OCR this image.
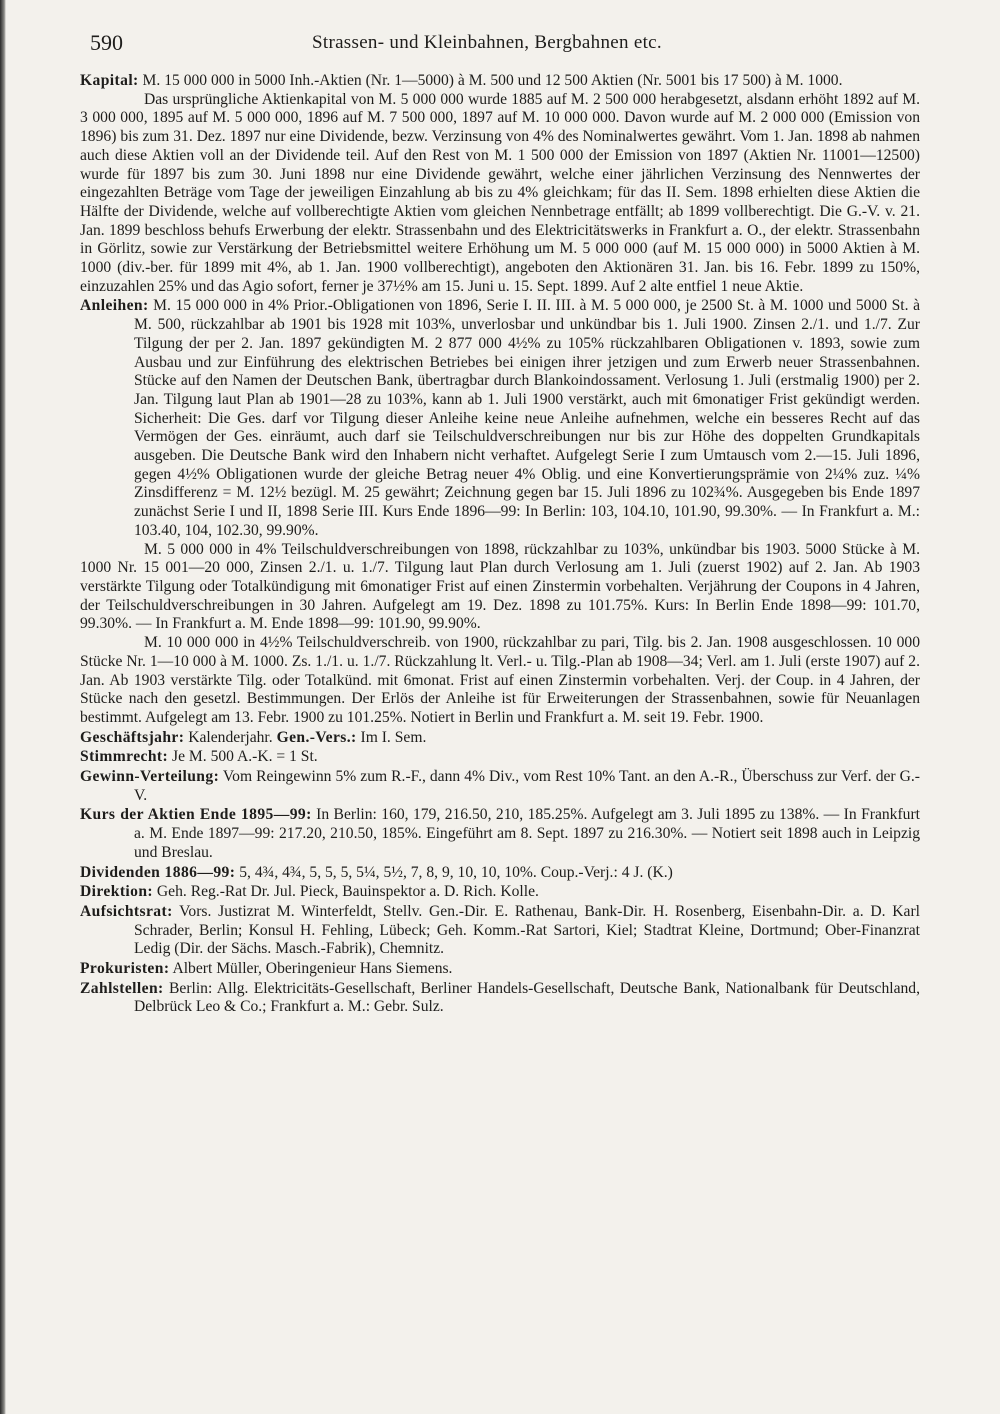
590	Strassen- und Kleinbahnen, Bergbahnen etc.

Kapital: M. 15 000 000 in 5000 Inh.-Aktien (Nr. 1—5000) à M. 500 und 12 500 Aktien (Nr. 5001 bis 17 500) à M. 1000.

Das ursprüngliche Aktienkapital von M. 5 000 000 wurde 1885 auf M. 2 500 000 herabgesetzt, alsdann erhöht 1892 auf M. 3 000 000, 1895 auf M. 5 000 000, 1896 auf M. 7 500 000, 1897 auf M. 10 000 000. Davon wurde auf M. 2 000 000 (Emission von 1896) bis zum 31. Dez. 1897 nur eine Dividende, bezw. Verzinsung von 4% des Nominalwertes gewährt. Vom 1. Jan. 1898 ab nahmen auch diese Aktien voll an der Dividende teil. Auf den Rest von M. 1 500 000 der Emission von 1897 (Aktien Nr. 11001—12500) wurde für 1897 bis zum 30. Juni 1898 nur eine Dividende gewährt, welche einer jährlichen Verzinsung des Nennwertes der eingezahlten Beträge vom Tage der jeweiligen Einzahlung ab bis zu 4% gleichkam; für das II. Sem. 1898 erhielten diese Aktien die Hälfte der Dividende, welche auf vollberechtigte Aktien vom gleichen Nennbetrage entfällt; ab 1899 vollberechtigt. Die G.-V. v. 21. Jan. 1899 beschloss behufs Erwerbung der elektr. Strassenbahn und des Elektricitätswerks in Frankfurt a. O., der elektr. Strassenbahn in Görlitz, sowie zur Verstärkung der Betriebsmittel weitere Erhöhung um M. 5 000 000 (auf M. 15 000 000) in 5000 Aktien à M. 1000 (div.-ber. für 1899 mit 4%, ab 1. Jan. 1900 vollberechtigt), angeboten den Aktionären 31. Jan. bis 16. Febr. 1899 zu 150%, einzuzahlen 25% und das Agio sofort, ferner je 37½% am 15. Juni u. 15. Sept. 1899. Auf 2 alte entfiel 1 neue Aktie.

Anleihen: M. 15 000 000 in 4% Prior.-Obligationen von 1896, Serie I. II. III. à M. 5 000 000, je 2500 St. à M. 1000 und 5000 St. à M. 500, rückzahlbar ab 1901 bis 1928 mit 103%, unverlosbar und unkündbar bis 1. Juli 1900. Zinsen 2./1. und 1./7. Zur Tilgung der per 2. Jan. 1897 gekündigten M. 2 877 000 4½% zu 105% rückzahlbaren Obligationen v. 1893, sowie zum Ausbau und zur Einführung des elektrischen Betriebes bei einigen ihrer jetzigen und zum Erwerb neuer Strassenbahnen. Stücke auf den Namen der Deutschen Bank, übertragbar durch Blankoindossament. Verlosung 1. Juli (erstmalig 1900) per 2. Jan. Tilgung laut Plan ab 1901—28 zu 103%, kann ab 1. Juli 1900 verstärkt, auch mit 6monatiger Frist gekündigt werden. Sicherheit: Die Ges. darf vor Tilgung dieser Anleihe keine neue Anleihe aufnehmen, welche ein besseres Recht auf das Vermögen der Ges. einräumt, auch darf sie Teilschuldverschreibungen nur bis zur Höhe des doppelten Grundkapitals ausgeben. Die Deutsche Bank wird den Inhabern nicht verhaftet. Aufgelegt Serie I zum Umtausch vom 2.—15. Juli 1896, gegen 4½% Obligationen wurde der gleiche Betrag neuer 4% Oblig. und eine Konvertierungsprämie von 2¼% zuz. ¼% Zinsdifferenz = M. 12½ bezügl. M. 25 gewährt; Zeichnung gegen bar 15. Juli 1896 zu 102¾%. Ausgegeben bis Ende 1897 zunächst Serie I und II, 1898 Serie III. Kurs Ende 1896—99: In Berlin: 103, 104.10, 101.90, 99.30%. — In Frankfurt a. M.: 103.40, 104, 102.30, 99.90%.

M. 5 000 000 in 4% Teilschuldverschreibungen von 1898, rückzahlbar zu 103%, unkündbar bis 1903. 5000 Stücke à M. 1000 Nr. 15 001—20 000, Zinsen 2./1. u. 1./7. Tilgung laut Plan durch Verlosung am 1. Juli (zuerst 1902) auf 2. Jan. Ab 1903 verstärkte Tilgung oder Totalkündigung mit 6monatiger Frist auf einen Zinstermin vorbehalten. Verjährung der Coupons in 4 Jahren, der Teilschuldverschreibungen in 30 Jahren. Aufgelegt am 19. Dez. 1898 zu 101.75%. Kurs: In Berlin Ende 1898—99: 101.70, 99.30%. — In Frankfurt a. M. Ende 1898—99: 101.90, 99.90%.

M. 10 000 000 in 4½% Teilschuldverschreib. von 1900, rückzahlbar zu pari, Tilg. bis 2. Jan. 1908 ausgeschlossen. 10 000 Stücke Nr. 1—10 000 à M. 1000. Zs. 1./1. u. 1./7. Rückzahlung lt. Verl.- u. Tilg.-Plan ab 1908—34; Verl. am 1. Juli (erste 1907) auf 2. Jan. Ab 1903 verstärkte Tilg. oder Totalkünd. mit 6monat. Frist auf einen Zinstermin vorbehalten. Verj. der Coup. in 4 Jahren, der Stücke nach den gesetzl. Bestimmungen. Der Erlös der Anleihe ist für Erweiterungen der Strassenbahnen, sowie für Neuanlagen bestimmt. Aufgelegt am 13. Febr. 1900 zu 101.25%. Notiert in Berlin und Frankfurt a. M. seit 19. Febr. 1900.

Geschäftsjahr: Kalenderjahr. Gen.-Vers.: Im I. Sem.

Stimmrecht: Je M. 500 A.-K. = 1 St.

Gewinn-Verteilung: Vom Reingewinn 5% zum R.-F., dann 4% Div., vom Rest 10% Tant. an den A.-R., Überschuss zur Verf. der G.-V.

Kurs der Aktien Ende 1895—99: In Berlin: 160, 179, 216.50, 210, 185.25%. Aufgelegt am 3. Juli 1895 zu 138%. — In Frankfurt a. M. Ende 1897—99: 217.20, 210.50, 185%. Eingeführt am 8. Sept. 1897 zu 216.30%. — Notiert seit 1898 auch in Leipzig und Breslau.

Dividenden 1886—99: 5, 4¾, 4¾, 5, 5, 5, 5¼, 5½, 7, 8, 9, 10, 10, 10%. Coup.-Verj.: 4 J. (K.)

Direktion: Geh. Reg.-Rat Dr. Jul. Pieck, Bauinspektor a. D. Rich. Kolle.

Aufsichtsrat: Vors. Justizrat M. Winterfeldt, Stellv. Gen.-Dir. E. Rathenau, Bank-Dir. H. Rosenberg, Eisenbahn-Dir. a. D. Karl Schrader, Berlin; Konsul H. Fehling, Lübeck; Geh. Komm.-Rat Sartori, Kiel; Stadtrat Kleine, Dortmund; Ober-Finanzrat Ledig (Dir. der Sächs. Masch.-Fabrik), Chemnitz.

Prokuristen: Albert Müller, Oberingenieur Hans Siemens.

Zahlstellen: Berlin: Allg. Elektricitäts-Gesellschaft, Berliner Handels-Gesellschaft, Deutsche Bank, Nationalbank für Deutschland, Delbrück Leo & Co.; Frankfurt a. M.: Gebr. Sulz.
